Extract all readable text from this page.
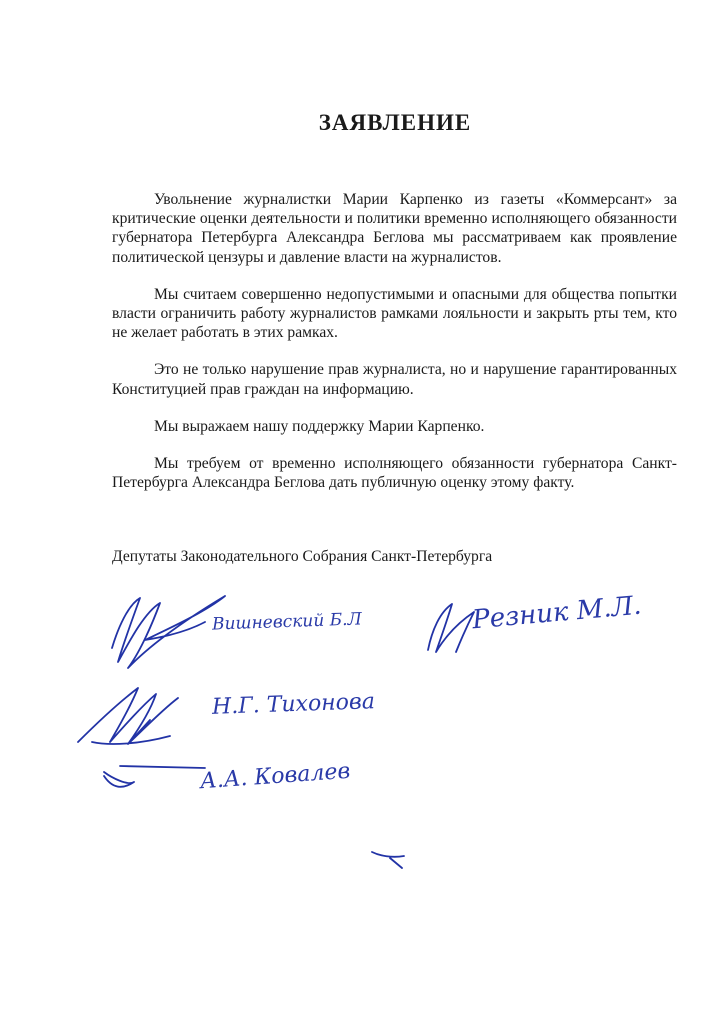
ЗАЯВЛЕНИЕ

Увольнение журналистки Марии Карпенко из газеты «Коммерсант» за критические оценки деятельности и политики временно исполняющего обязанности губернатора Петербурга Александра Беглова мы рассматриваем как проявление политической цензуры и давление власти на журналистов.

Мы считаем совершенно недопустимыми и опасными для общества попытки власти ограничить работу журналистов рамками лояльности и закрыть рты тем, кто не желает работать в этих рамках.

Это не только нарушение прав журналиста, но и нарушение гарантированных Конституцией прав граждан на информацию.

Мы выражаем нашу поддержку Марии Карпенко.

Мы требуем от временно исполняющего обязанности губернатора Санкт-Петербурга Александра Беглова дать публичную оценку этому факту.

Депутаты Законодательного Собрания Санкт-Петербурга
Вишневский Б.Л	Резник М.Л.
Н.Г. Тихонова
А.А. Ковалев
